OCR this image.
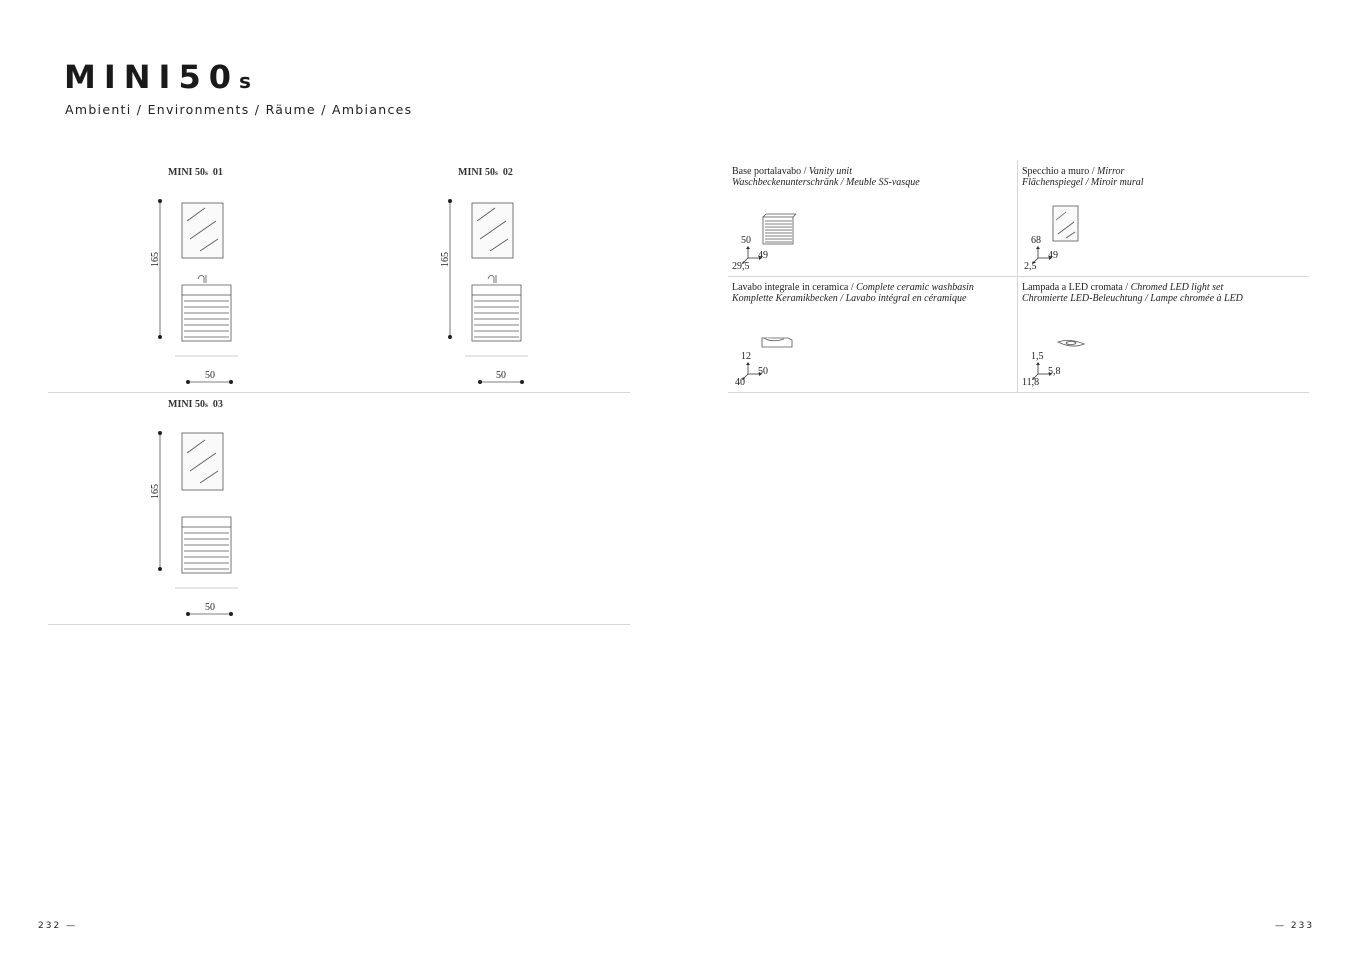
MINI50s
Ambienti / Environments / Räume / Ambiances
MINI 50s 01
165
50
MINI 50s 02
165
50
MINI 50s 03
165
50
Base portalavabo / Vanity unit
Waschbeckenunterschränk / Meuble SS-vasque
50
49
29,5
Specchio a muro / Mirror
Flächenspiegel / Miroir mural
68
49
2,5
Lavabo integrale in ceramica / Complete ceramic washbasin
Komplette Keramikbecken / Lavabo intégral en céramique
12
50
40
Lampada a LED cromata / Chromed LED light set
Chromierte LED-Beleuchtung / Lampe chromée à LED
1,5
5,8
11,8
232 —	— 233
